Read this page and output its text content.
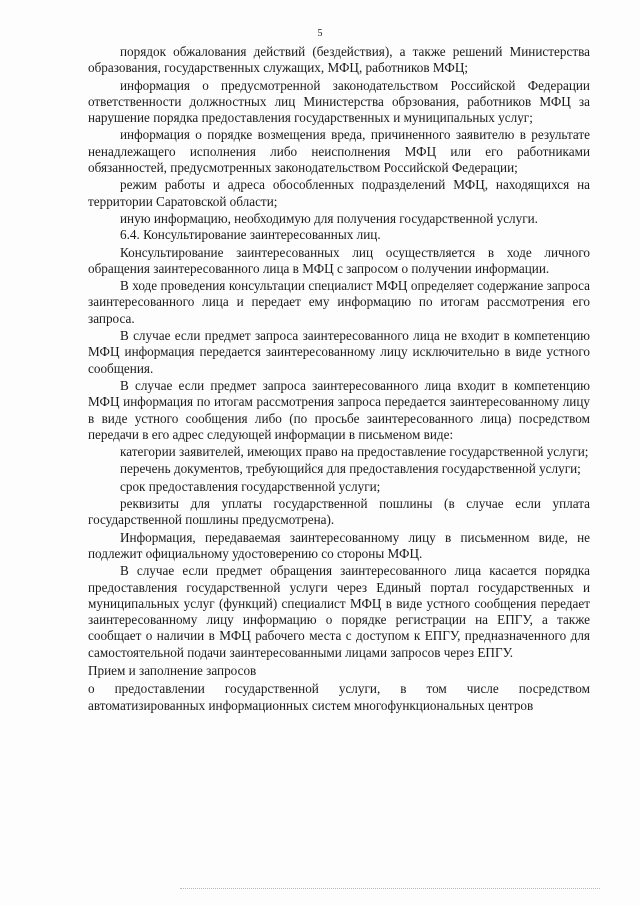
5

порядок обжалования действий (бездействия), а также решений Министерства образования, государственных служащих, МФЦ, работников МФЦ;

информация о предусмотренной законодательством Российской Федерации ответственности должностных лиц Министерства обрзования, работников МФЦ за нарушение порядка предоставления государственных и муниципальных услуг;

информация о порядке возмещения вреда, причиненного заявителю в результате ненадлежащего исполнения либо неисполнения МФЦ или его работниками обязанностей, предусмотренных законодательством Российской Федерации;

режим работы и адреса обособленных подразделений МФЦ, находящихся на территории Саратовской области;

иную информацию, необходимую для получения государственной услуги.

6.4. Консультирование заинтересованных лиц.

Консультирование заинтересованных лиц осуществляется в ходе личного обращения заинтересованного лица в МФЦ с запросом о получении информации.

В ходе проведения консультации специалист МФЦ определяет содержание запроса заинтересованного лица и передает ему информацию по итогам рассмотрения его запроса.

В случае если предмет запроса заинтересованного лица не входит в компетенцию МФЦ информация передается заинтересованному лицу исключительно в виде устного сообщения.

В случае если предмет запроса заинтересованного лица входит в компетенцию МФЦ информация по итогам рассмотрения запроса передается заинтересованному лицу в виде устного сообщения либо (по просьбе заинтересованного лица) посредством передачи в его адрес следующей информации в письменом виде:

категории заявителей, имеющих право на предоставление государственной услуги;

перечень документов, требующийся для предоставления государственной услуги;

срок предоставления государственной услуги;

реквизиты для уплаты государственной пошлины (в случае если уплата государственной пошлины предусмотрена).

Информация, передаваемая заинтересованному лицу в письменном виде, не подлежит официальному удостоверению со стороны МФЦ.

В случае если предмет обращения заинтересованного лица касается порядка предоставления государственной услуги через Единый портал государственных и муниципальных услуг (функций) специалист МФЦ в виде устного сообщения передает заинтересованному лицу информацию о порядке регистрации на ЕПГУ, а также сообщает о наличии в МФЦ рабочего места с доступом к ЕПГУ, предназначенного для самостоятельной подачи заинтересованными лицами запросов через ЕПГУ.

Прием и заполнение запросов

о предоставлении государственной услуги, в том числе посредством автоматизированных информационных систем многофункциональных центров
